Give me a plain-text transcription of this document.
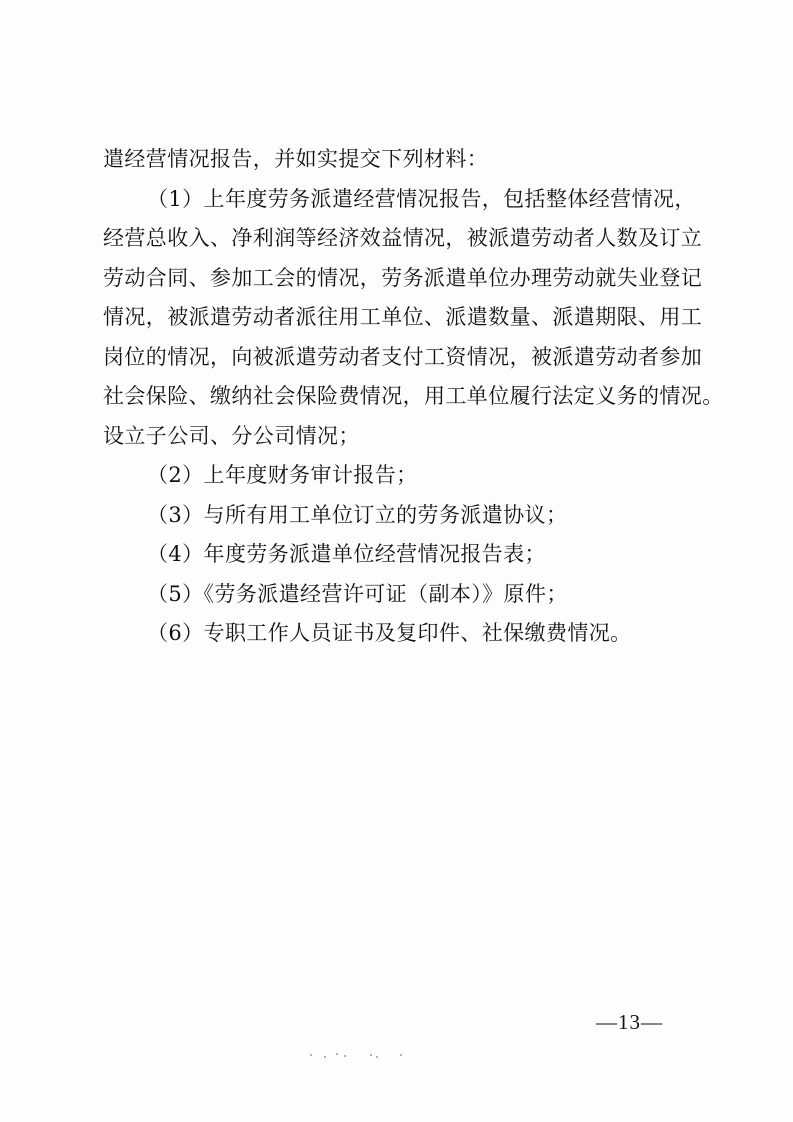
遣经营情况报告，并如实提交下列材料：
（1）上年度劳务派遣经营情况报告，包括整体经营情况，
经营总收入、净利润等经济效益情况，被派遣劳动者人数及订立
劳动合同、参加工会的情况，劳务派遣单位办理劳动就失业登记
情况，被派遣劳动者派往用工单位、派遣数量、派遣期限、用工
岗位的情况，向被派遣劳动者支付工资情况，被派遣劳动者参加
社会保险、缴纳社会保险费情况，用工单位履行法定义务的情况。
设立子公司、分公司情况；
（2）上年度财务审计报告；
（3）与所有用工单位订立的劳务派遣协议；
（4）年度劳务派遣单位经营情况报告表；
（5）《劳务派遣经营许可证（副本）》原件；
（6）专职工作人员证书及复印件、社保缴费情况。
—13—
